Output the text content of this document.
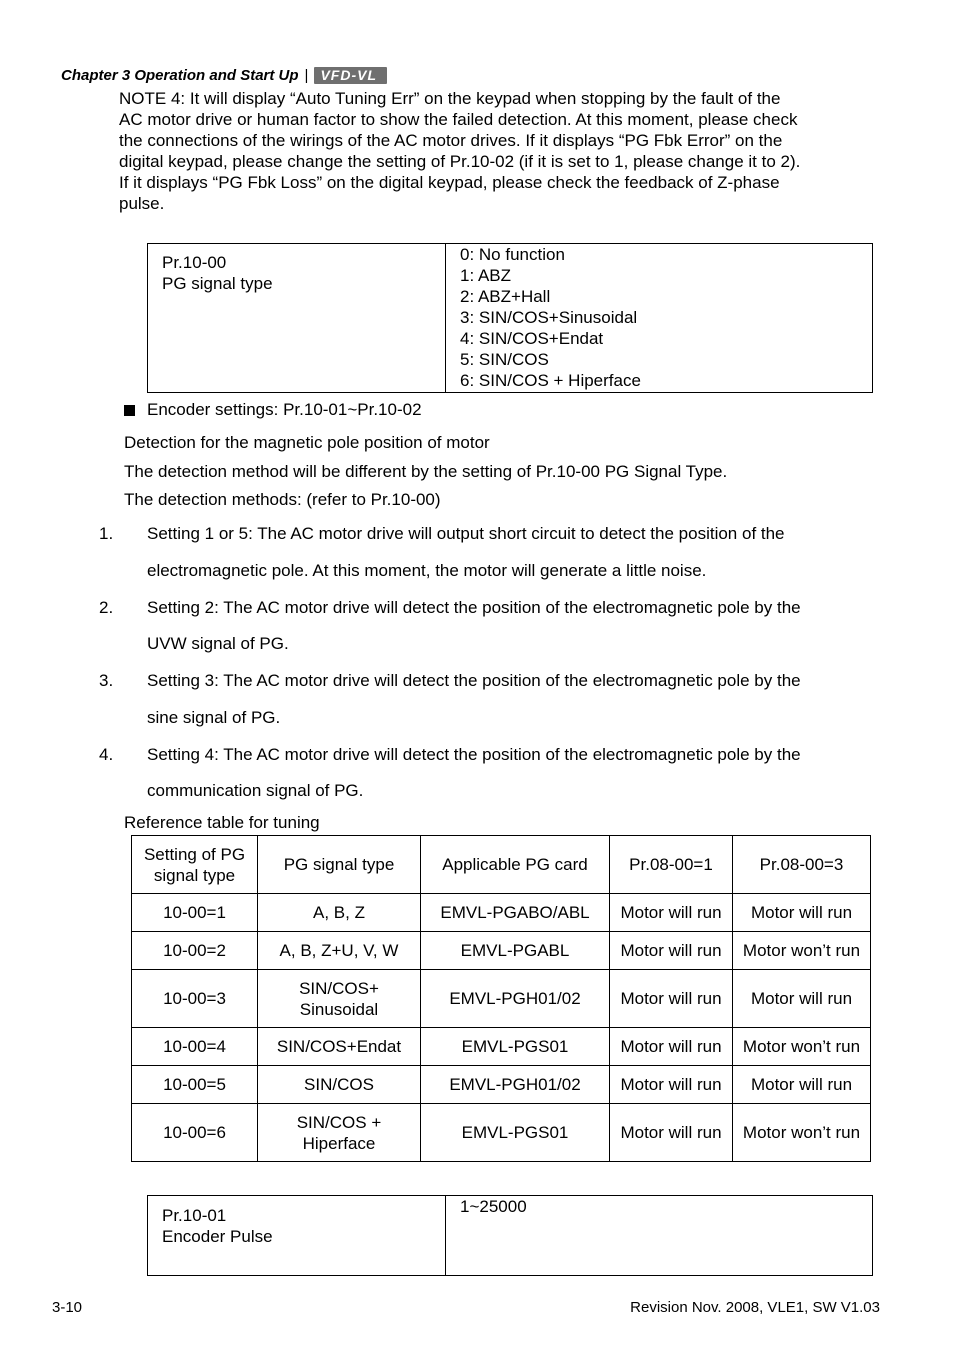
Chapter 3 Operation and Start Up | VFD-VL

NOTE 4: It will display “Auto Tuning Err” on the keypad when stopping by the fault of the

AC motor drive or human factor to show the failed detection. At this moment, please check

the connections of the wirings of the AC motor drives. If it displays “PG Fbk Error” on the

digital keypad, please change the setting of Pr.10-02 (if it is set to 1, please change it to 2).

If it displays “PG Fbk Loss” on the digital keypad, please check the feedback of Z-phase

pulse.

Pr.10-00
PG signal type

0: No function

1: ABZ

2: ABZ+Hall

3: SIN/COS+Sinusoidal

4: SIN/COS+Endat

5: SIN/COS

6: SIN/COS + Hiperface

Encoder settings: Pr.10-01~Pr.10-02
Detection for the magnetic pole position of motor
The detection method will be different by the setting of Pr.10-00 PG Signal Type.
The detection methods: (refer to Pr.10-00)
1. Setting 1 or 5: The AC motor drive will output short circuit to detect the position of the
electromagnetic pole. At this moment, the motor will generate a little noise.
2. Setting 2: The AC motor drive will detect the position of the electromagnetic pole by the
UVW signal of PG.
3. Setting 3: The AC motor drive will detect the position of the electromagnetic pole by the
sine signal of PG.
4. Setting 4: The AC motor drive will detect the position of the electromagnetic pole by the
communication signal of PG.
Reference table for tuning
Setting of PG
signal type	PG signal type	Applicable PG card	Pr.08-00=1	Pr.08-00=3
10-00=1	A, B, Z	EMVL-PGABO/ABL	Motor will run	Motor will run
10-00=2	A, B, Z+U, V, W	EMVL-PGABL	Motor will run	Motor won’t run
10-00=3	SIN/COS+
Sinusoidal	EMVL-PGH01/02	Motor will run	Motor will run
10-00=4	SIN/COS+Endat	EMVL-PGS01	Motor will run	Motor won’t run
10-00=5	SIN/COS	EMVL-PGH01/02	Motor will run	Motor will run
10-00=6	SIN/COS +
Hiperface	EMVL-PGS01	Motor will run	Motor won’t run
Pr.10-01
Encoder Pulse

1~25000
3-10	Revision Nov. 2008, VLE1, SW V1.03
